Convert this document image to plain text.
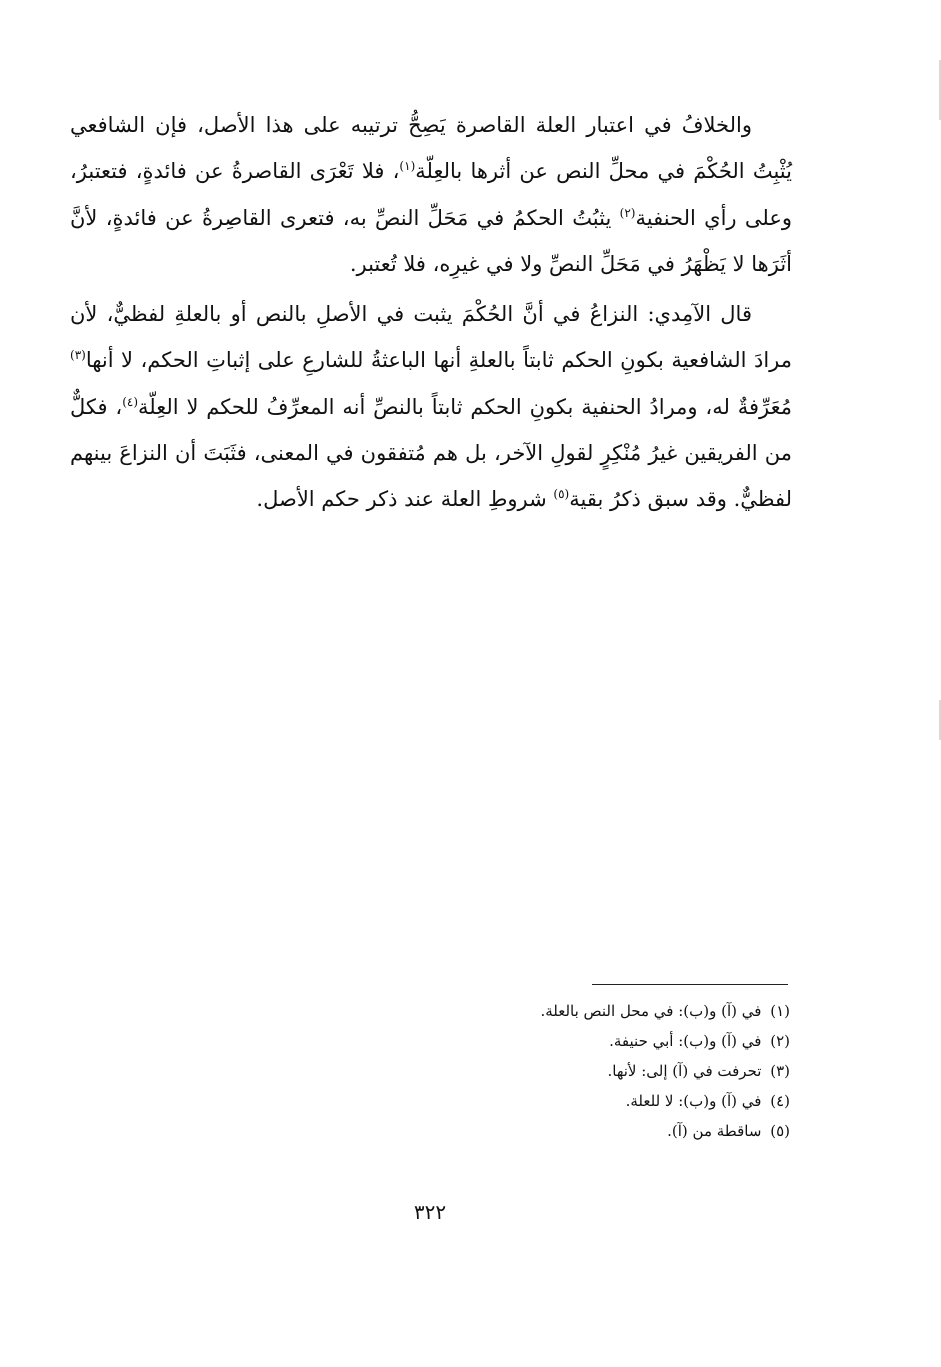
والخلافُ في اعتبار العلة القاصرة يَصِحُّ ترتيبه على هذا الأصل، فإن الشافعي يُثْبِتُ الحُكْمَ في محلِّ النص عن أثرها بالعِلّة$^{(١)}$، فلا تَعْرَى القاصرةُ عن فائدةٍ، فتعتبرُ، وعلى رأي الحنفية$^{(٢)}$ يثبُتُ الحكمُ في مَحَلِّ النصِّ به، فتعرى القاصِرةُ عن فائدةٍ، لأنَّ أثَرَها لا يَظْهَرُ في مَحَلِّ النصِّ ولا في غيرِه، فلا تُعتبر.

قال الآمِدي: النزاعُ في أنَّ الحُكْمَ يثبت في الأصلِ بالنص أو بالعلةِ لفظيٌّ، لأن مرادَ الشافعية بكونِ الحكم ثابتاً بالعلةِ أنها الباعثةُ للشارعِ على إثباتِ الحكم، لا أنها$^{(٣)}$ مُعَرِّفةٌ له، ومرادُ الحنفية بكونِ الحكم ثابتاً بالنصِّ أنه المعرِّفُ للحكم لا العِلّة$^{(٤)}$، فكلٌّ من الفريقين غيرُ مُنْكِرٍ لقولِ الآخر، بل هم مُتفقون في المعنى، فثَبَتَ أن النزاعَ بينهم لفظيٌّ. وقد سبق ذكرُ بقية$^{(٥)}$ شروطِ العلة عند ذكر حكم الأصل.

(١) في (آ) و(ب): في محل النص بالعلة.
(٢) في (آ) و(ب): أبي حنيفة.
(٣) تحرفت في (آ) إلى: لأنها.
(٤) في (آ) و(ب): لا للعلة.
(٥) ساقطة من (آ).
٣٢٢
